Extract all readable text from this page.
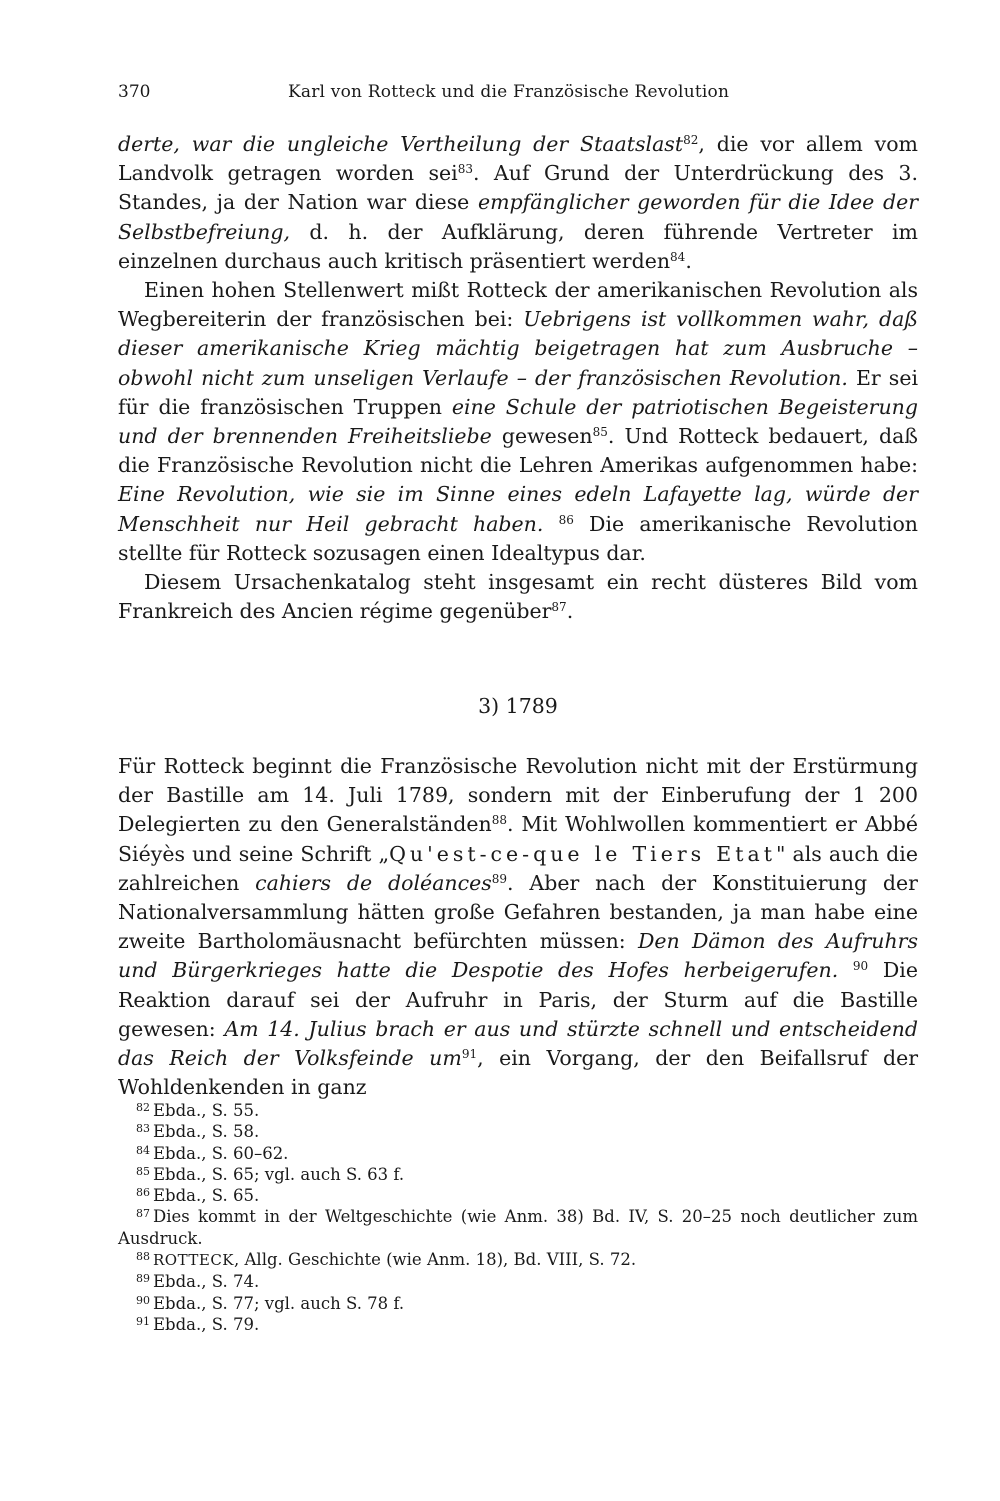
370	Karl von Rotteck und die Französische Revolution

derte, war die ungleiche Vertheilung der Staatslast$^{82}$, die vor allem vom Landvolk getragen worden sei$^{83}$. Auf Grund der Unterdrückung des 3. Standes, ja der Nation war diese empfänglicher geworden für die Idee der Selbstbefreiung, d. h. der Aufklärung, deren führende Vertreter im einzelnen durchaus auch kritisch präsentiert werden$^{84}$.

Einen hohen Stellenwert mißt Rotteck der amerikanischen Revolution als Wegbereiterin der französischen bei: Uebrigens ist vollkommen wahr, daß dieser amerikanische Krieg mächtig beigetragen hat zum Ausbruche – obwohl nicht zum unseligen Verlaufe – der französischen Revolution. Er sei für die französischen Truppen eine Schule der patriotischen Begeisterung und der brennenden Freiheitsliebe gewesen$^{85}$. Und Rotteck bedauert, daß die Französische Revolution nicht die Lehren Amerikas aufgenommen habe: Eine Revolution, wie sie im Sinne eines edeln Lafayette lag, würde der Menschheit nur Heil gebracht haben. $^{86}$ Die amerikanische Revolution stellte für Rotteck sozusagen einen Idealtypus dar.

Diesem Ursachenkatalog steht insgesamt ein recht düsteres Bild vom Frankreich des Ancien régime gegenüber$^{87}$.

3) 1789

Für Rotteck beginnt die Französische Revolution nicht mit der Erstürmung der Bastille am 14. Juli 1789, sondern mit der Einberufung der 1 200 Delegierten zu den Generalständen$^{88}$. Mit Wohlwollen kommentiert er Abbé Siéyès und seine Schrift „Qu'est-ce-que le Tiers Etat" als auch die zahlreichen cahiers de doléances$^{89}$. Aber nach der Konstituierung der Nationalversammlung hätten große Gefahren bestanden, ja man habe eine zweite Bartholomäusnacht befürchten müssen: Den Dämon des Aufruhrs und Bürgerkrieges hatte die Despotie des Hofes herbeigerufen. $^{90}$ Die Reaktion darauf sei der Aufruhr in Paris, der Sturm auf die Bastille gewesen: Am 14. Julius brach er aus und stürzte schnell und entscheidend das Reich der Volksfeinde $um^{91}$, ein Vorgang, der den Beifallsruf der Wohldenkenden in ganz

$^{82}$ Ebda., S. 55.
$^{83}$ Ebda., S. 58.
$^{84}$ Ebda., S. 60–62.
$^{85}$ Ebda., S. 65; vgl. auch S. 63 f.
$^{86}$ Ebda., S. 65.
$^{87}$ Dies kommt in der Weltgeschichte (wie Anm. 38) Bd. IV, S. 20–25 noch deutlicher zum Ausdruck.
$^{88}$ ROTTECK, Allg. Geschichte (wie Anm. 18), Bd. VIII, S. 72.
$^{89}$ Ebda., S. 74.
$^{90}$ Ebda., S. 77; vgl. auch S. 78 f.
$^{91}$ Ebda., S. 79.
